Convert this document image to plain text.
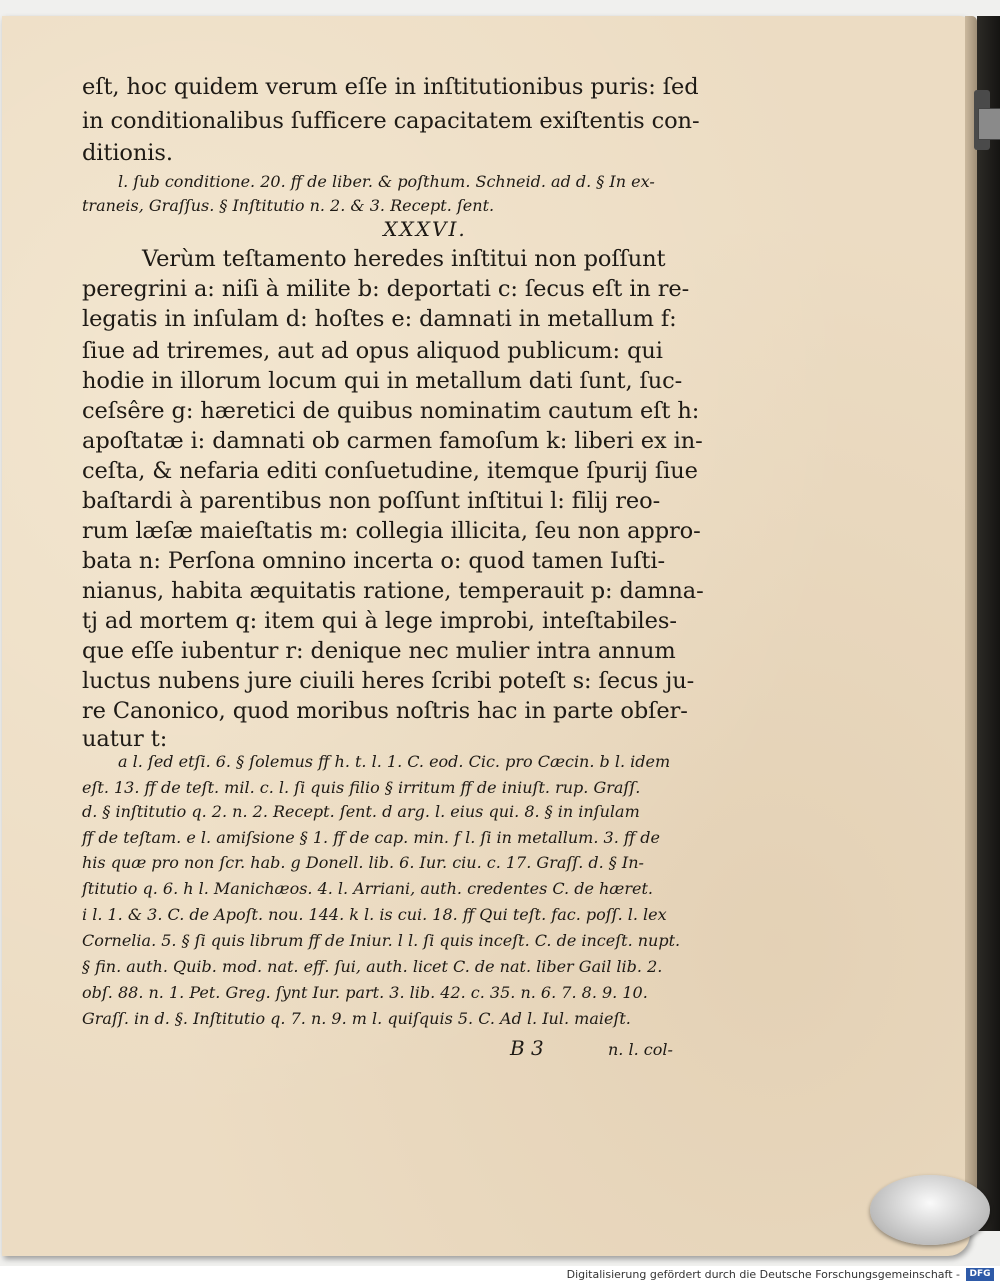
eſt, hoc quidem verum eſſe in inſtitutionibus puris: ſed
in conditionalibus ſufficere capacitatem exiſtentis con-
ditionis.
l. ſub conditione. 20. ff de liber. & poſthum. Schneid. ad d. § In ex-
traneis, Graſſus. § Inſtitutio n. 2. & 3. Recept. ſent.
XXXVI.
Verùm teſtamento heredes inſtitui non poſſunt
peregrini a: niſi à milite b: deportati c: ſecus eſt in re-
legatis in inſulam d: hoſtes e: damnati in metallum f:
ſiue ad triremes, aut ad opus aliquod publicum: qui
hodie in illorum locum qui in metallum dati ſunt, ſuc-
ceſsêre g: hæretici de quibus nominatim cautum eſt h:
apoſtatæ i: damnati ob carmen famoſum k: liberi ex in-
ceſta, & nefaria editi conſuetudine, itemque ſpurij ſiue
baſtardi à parentibus non poſſunt inſtitui l: filij reo-
rum læſæ maieſtatis m: collegia illicita, ſeu non appro-
bata n: Perſona omnino incerta o: quod tamen Iuſti-
nianus, habita æquitatis ratione, temperauit p: damna-
tj ad mortem q: item qui à lege improbi, inteſtabiles-
que eſſe iubentur r: denique nec mulier intra annum
luctus nubens jure ciuili heres ſcribi poteſt s: ſecus ju-
re Canonico, quod moribus noſtris hac in parte obſer-
uatur t:
a l. ſed etſi. 6. § ſolemus ff h. t. l. 1. C. eod. Cic. pro Cæcin. b l. idem
eſt. 13. ff de teſt. mil. c. l. ſi quis filio § irritum ff de iniuſt. rup. Graſſ.
d. § inſtitutio q. 2. n. 2. Recept. ſent. d arg. l. eius qui. 8. § in inſulam
ff de teſtam. e l. amiſsione § 1. ff de cap. min. f l. ſi in metallum. 3. ff de
his quæ pro non ſcr. hab. g Donell. lib. 6. Iur. ciu. c. 17. Graſſ. d. § In-
ſtitutio q. 6. h l. Manichæos. 4. l. Arriani, auth. credentes C. de hæret.
i l. 1. & 3. C. de Apoſt. nou. 144. k l. is cui. 18. ff Qui teſt. fac. poſſ. l. lex
Cornelia. 5. § ſi quis librum ff de Iniur. l l. ſi quis inceſt. C. de inceſt. nupt.
§ fin. auth. Quib. mod. nat. eff. ſui, auth. licet C. de nat. liber Gail lib. 2.
obſ. 88. n. 1. Pet. Greg. ſynt Iur. part. 3. lib. 42. c. 35. n. 6. 7. 8. 9. 10.
Graſſ. in d. §. Inſtitutio q. 7. n. 9. m l. quiſquis 5. C. Ad l. Iul. maieſt.
B 3	n. l. col-
Digitalisierung gefördert durch die Deutsche Forschungsgemeinschaft -	DFG
